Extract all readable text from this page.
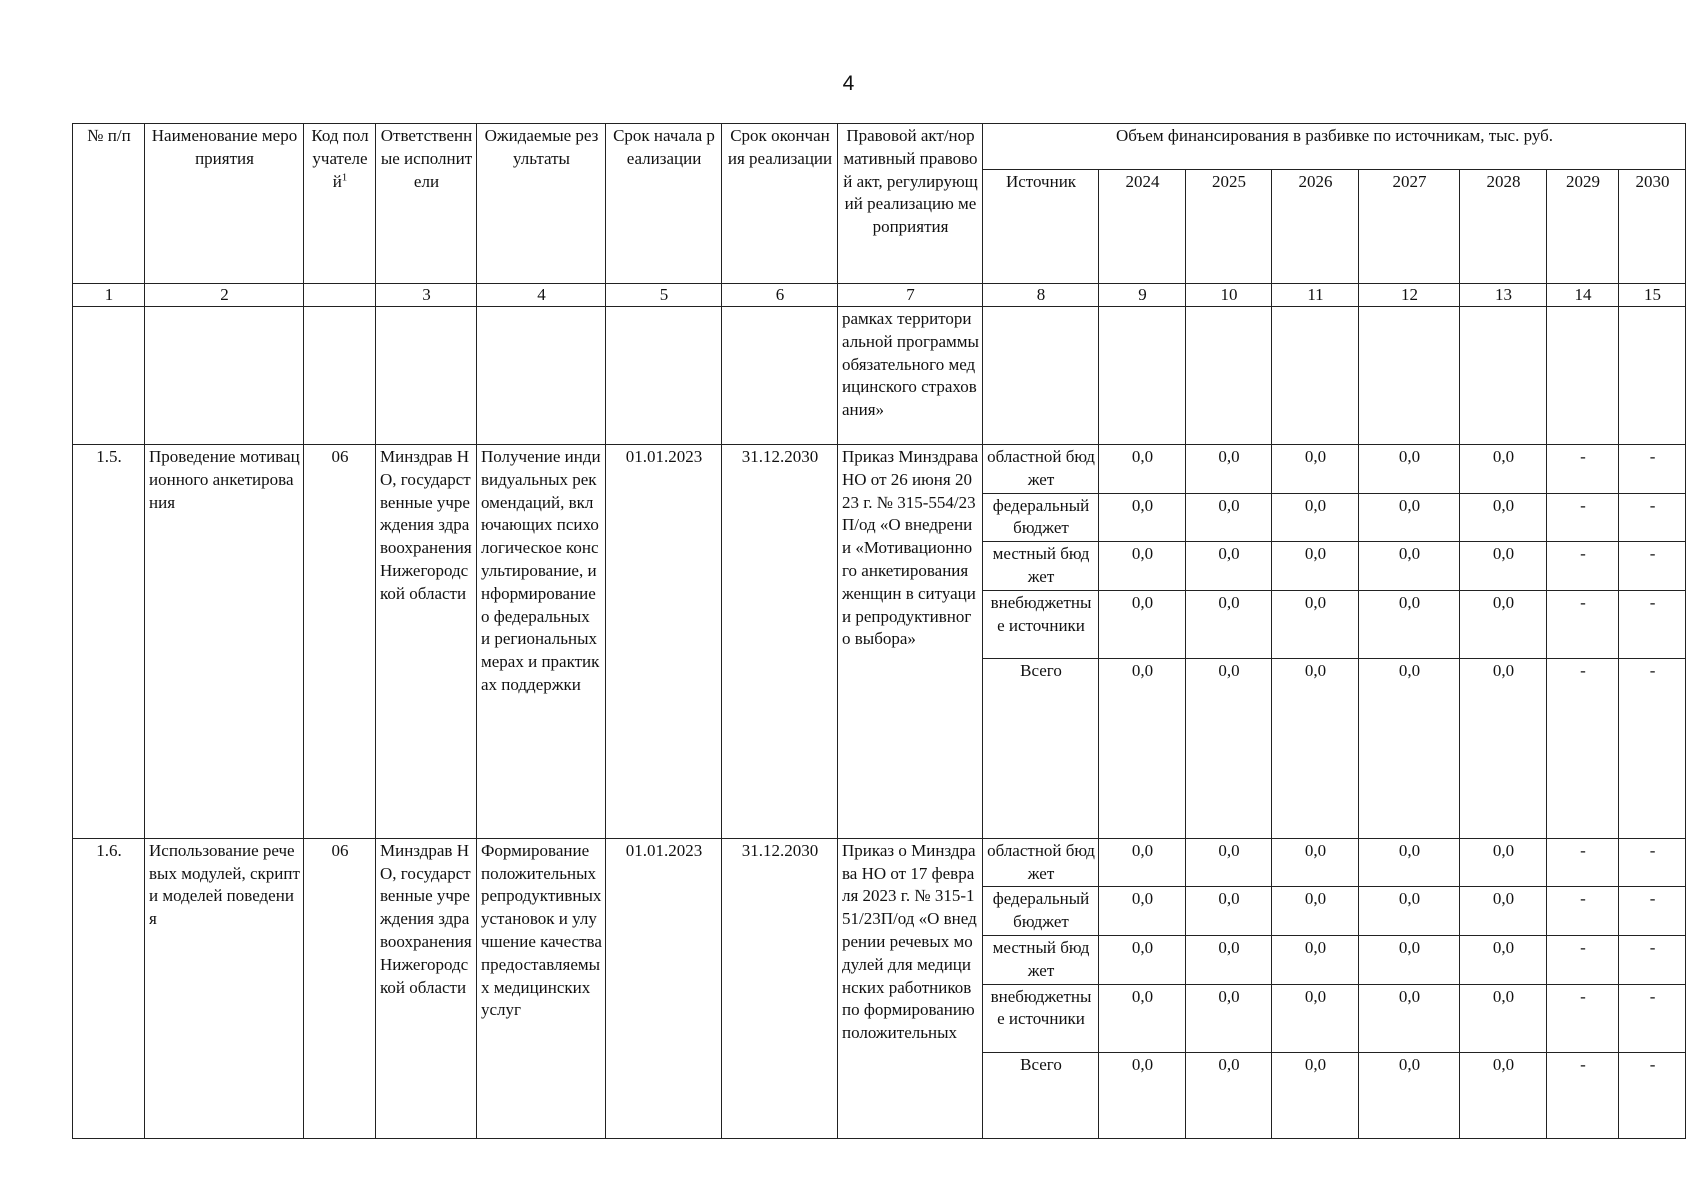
4
№ п/п	Наименование мероприятия	Код получателей$^1$	Ответственные исполнители	Ожидаемые результаты	Срок начала реализации	Срок окончания реализации	Правовой акт/нормативный правовой акт, регулирующий реализацию мероприятия	Объем финансирования в разбивке по источникам, тыс. руб.							
								Источник	2024	2025	2026	2027	2028	2029	2030
1	2		3	4	5	6	7	8	9	10	11	12	13	14	15
							рамках территориальной программы обязательного медицинского страхования»								
1.5.	Проведение мотивационного анкетирования	06	Минздрав НО, государственные учреждения здравоохранения Нижегородской области	Получение индивидуальных рекомендаций, включающих психологическое консультирование, информирование о федеральных и региональных мерах и практиках поддержки	01.01.2023	31.12.2030	Приказ Минздрава НО от 26 июня 2023 г. № 315-554/23П/од «О внедрении «Мотивационного анкетирования женщин в ситуации репродуктивного выбора»	областной бюджет	0,0	0,0	0,0	0,0	0,0	-	-
								федеральный бюджет	0,0	0,0	0,0	0,0	0,0	-	-
								местный бюджет	0,0	0,0	0,0	0,0	0,0	-	-
								внебюджетные источники	0,0	0,0	0,0	0,0	0,0	-	-
								Всего	0,0	0,0	0,0	0,0	0,0	-	-
1.6.	Использование речевых модулей, скрипт и моделей поведения	06	Минздрав НО, государственные учреждения здравоохранения Нижегородской области	Формирование положительных репродуктивных установок и улучшение качества предоставляемых медицинских услуг	01.01.2023	31.12.2030	Приказ о Минздрава НО от 17 февраля 2023 г. № 315-151/23П/од «О внедрении речевых модулей для медицинских работников по формированию положительных	областной бюджет	0,0	0,0	0,0	0,0	0,0	-	-
								федеральный бюджет	0,0	0,0	0,0	0,0	0,0	-	-
								местный бюджет	0,0	0,0	0,0	0,0	0,0	-	-
								внебюджетные источники	0,0	0,0	0,0	0,0	0,0	-	-
								Всего	0,0	0,0	0,0	0,0	0,0	-	-
